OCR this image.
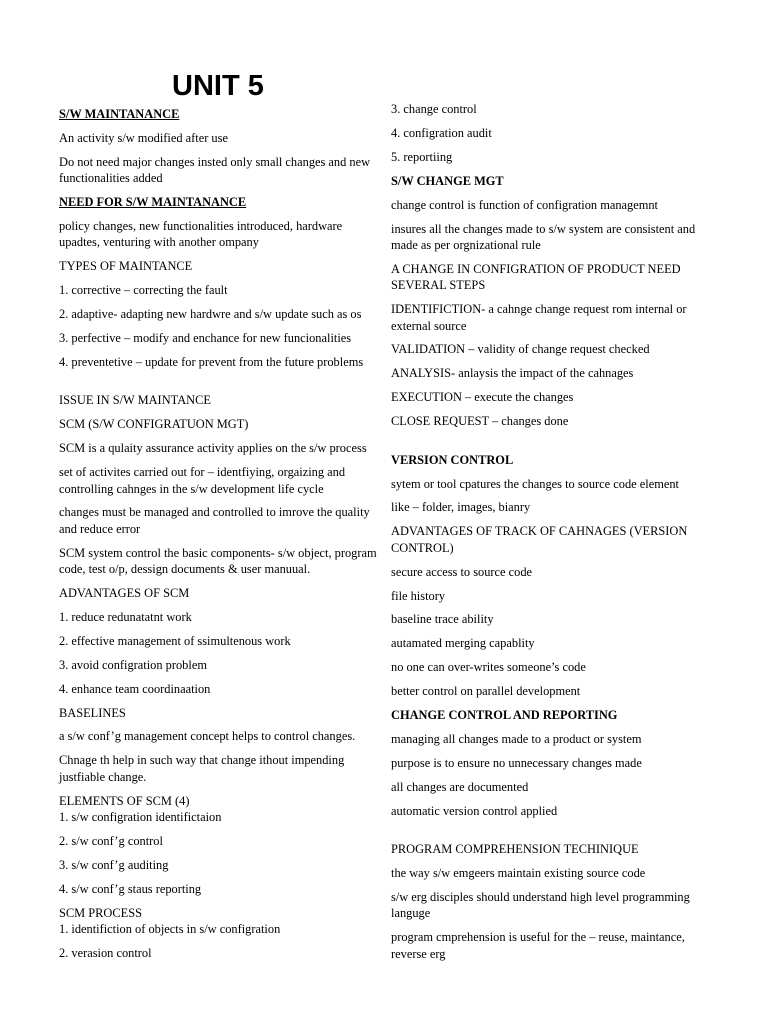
UNIT 5

S/W MAINTANANCE

An activity s/w modified after use

Do not need major changes insted only small changes and new functionalities added

NEED FOR S/W MAINTANANCE

policy changes, new functionalities introduced, hardware upadtes, venturing with another ompany

TYPES OF MAINTANCE

1. corrective – correcting the fault

2. adaptive- adapting new hardwre and s/w update such as os

3. perfective – modify and enchance for new funcionalities

4. preventetive – update for prevent from the future problems

ISSUE IN S/W MAINTANCE

SCM (S/W CONFIGRATUON MGT)

SCM is a qulaity assurance activity applies on the s/w process

set of activites carried out for – identfiying, orgaizing and controlling cahnges in the s/w development life cycle

changes must be managed and controlled to imrove the quality and reduce error

SCM system control the basic components- s/w object, program code, test o/p, dessign documents & user manuual.

ADVANTAGES OF SCM

1. reduce redunatatnt work

2. effective management of ssimultenous work

3. avoid configration problem

4. enhance team coordinaation

BASELINES

a s/w conf’g management concept helps to control changes.

Chnage th help in such way that change ithout impending justfiable change.

ELEMENTS OF SCM (4)

1. s/w configration identifictaion

2. s/w conf’g control

3. s/w conf’g auditing

4. s/w conf’g staus reporting

SCM PROCESS

1. identifiction of objects in s/w configration

2. verasion control

3. change control

4. configration audit

5. reportiing

S/W CHANGE MGT

change control is function of configration managemnt

insures all the changes made to s/w system are consistent and made as per orgnizational rule

A CHANGE IN CONFIGRATION OF PRODUCT NEED SEVERAL STEPS

IDENTIFICTION- a cahnge change request rom internal or external source

VALIDATION – validity of change request checked

ANALYSIS- anlaysis the impact of the cahnages

EXECUTION – execute the changes

CLOSE REQUEST – changes done

VERSION CONTROL

sytem or tool cpatures the changes to source code element

like – folder, images, bianry

ADVANTAGES OF TRACK OF CAHNAGES (VERSION CONTROL)

secure access to source code

file history

baseline trace ability

autamated merging capablity

no one can over-writes someone’s code

better control on parallel development

CHANGE CONTROL AND REPORTING

managing all changes made to a product or system

purpose is to ensure no unnecessary changes made

all changes are documented

automatic version control applied

PROGRAM COMPREHENSION TECHINIQUE

the way s/w emgeers maintain existing source code

s/w erg disciples should understand high level programming languge

program cmprehension is useful for the – reuse, maintance, reverse erg
